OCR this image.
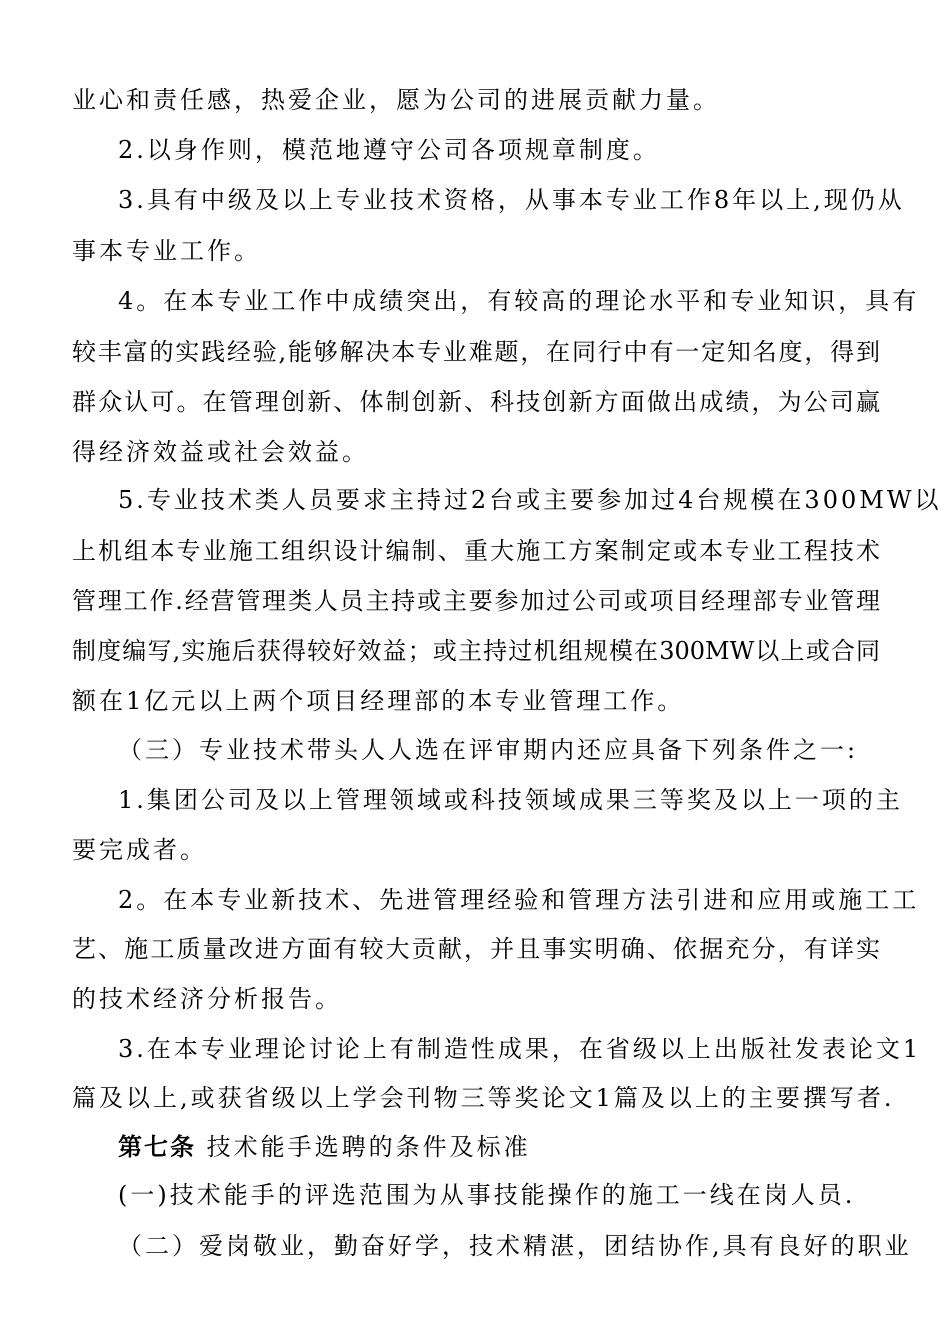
业心和责任感，热爱企业，愿为公司的进展贡献力量。
2.以身作则，模范地遵守公司各项规章制度。
3.具有中级及以上专业技术资格，从事本专业工作8年以上,现仍从
事本专业工作。
4。在本专业工作中成绩突出，有较高的理论水平和专业知识，具有
较丰富的实践经验,能够解决本专业难题，在同行中有一定知名度，得到
群众认可。在管理创新、体制创新、科技创新方面做出成绩，为公司赢
得经济效益或社会效益。
5.专业技术类人员要求主持过2台或主要参加过4台规模在300MW以
上机组本专业施工组织设计编制、重大施工方案制定或本专业工程技术
管理工作.经营管理类人员主持或主要参加过公司或项目经理部专业管理
制度编写,实施后获得较好效益；或主持过机组规模在300MW以上或合同
额在1亿元以上两个项目经理部的本专业管理工作。
（三）专业技术带头人人选在评审期内还应具备下列条件之一:
1.集团公司及以上管理领域或科技领域成果三等奖及以上一项的主
要完成者。
2。在本专业新技术、先进管理经验和管理方法引进和应用或施工工
艺、施工质量改进方面有较大贡献，并且事实明确、依据充分，有详实
的技术经济分析报告。
3.在本专业理论讨论上有制造性成果，在省级以上出版社发表论文1
篇及以上,或获省级以上学会刊物三等奖论文1篇及以上的主要撰写者.
第七条 技术能手选聘的条件及标准
(一)技术能手的评选范围为从事技能操作的施工一线在岗人员.
（二）爱岗敬业，勤奋好学，技术精湛，团结协作,具有良好的职业
